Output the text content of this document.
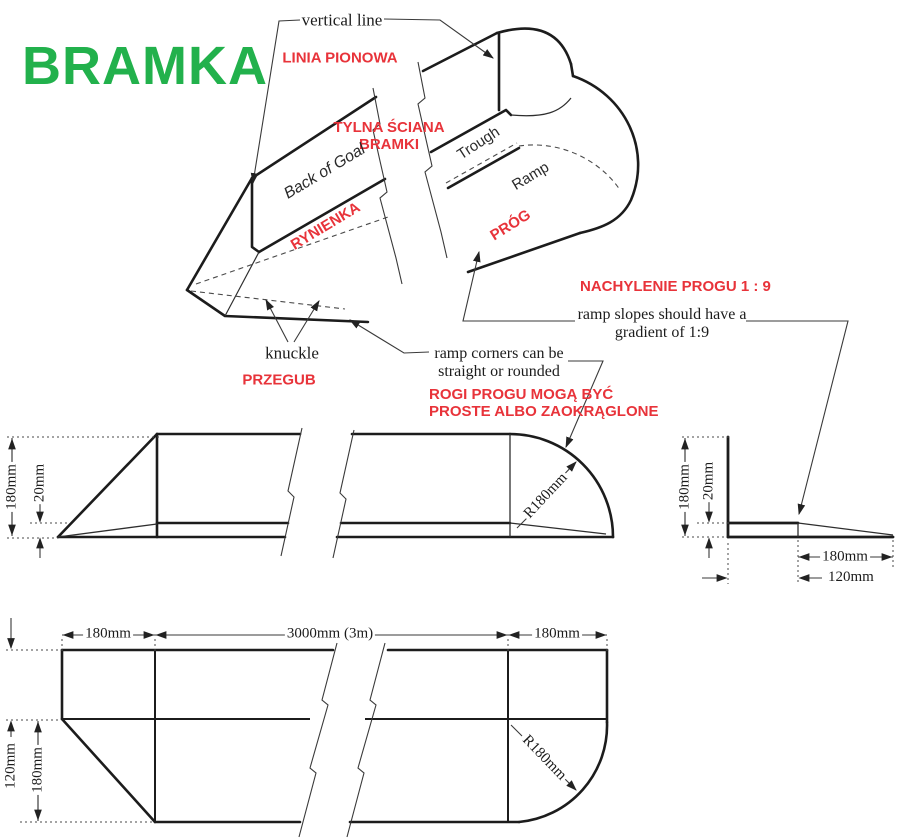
BRAMKA
vertical line
LINIA PIONOWA
TYLNA ŚCIANA
BRAMKI
Back of Goal	Trough
Ramp
RYNIENKA	PRÓG
knuckle
PRZEGUB
ramp corners can be
straight or rounded
ROGI PROGU MOGĄ BYĆ
PROSTE ALBO ZAOKRĄGLONE
NACHYLENIE PROGU 1 : 9
ramp slopes should have a
gradient of 1:9
180mm 20mm	R180mm	180mm 20mm
180mm
120mm
180mm	3000mm (3m)	180mm
120mm 180mm	R180mm
